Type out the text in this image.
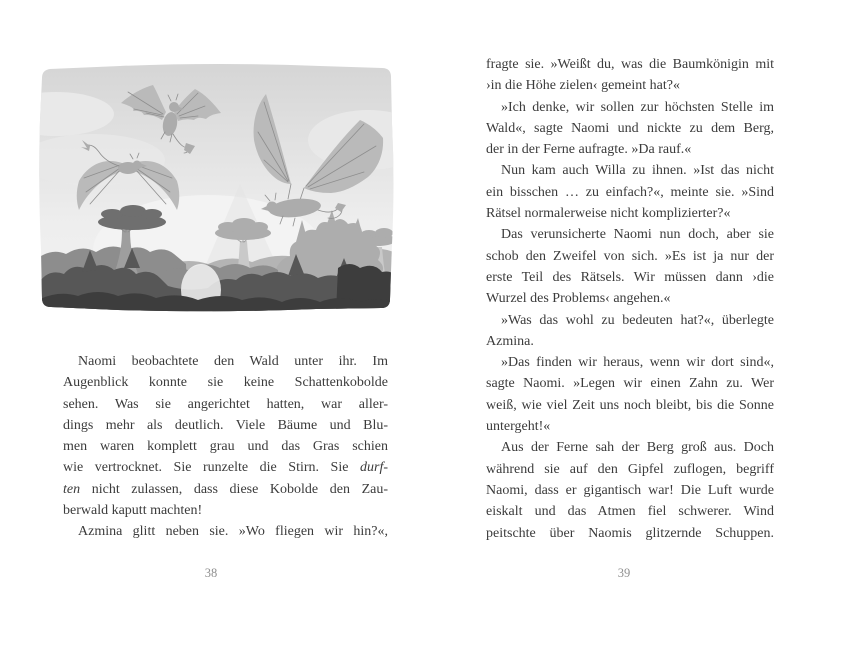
Naomi beobachtete den Wald unter ihr. Im
Augenblick konnte sie keine Schattenkobolde
sehen. Was sie angerichtet hatten, war aller-
dings mehr als deutlich. Viele Bäume und Blu-
men waren komplett grau und das Gras schien
wie vertrocknet. Sie runzelte die Stirn. Sie durf-
ten nicht zulassen, dass diese Kobolde den Zau-
berwald kaputt machten!
Azmina glitt neben sie. »Wo fliegen wir hin?«,
38
fragte sie. »Weißt du, was die Baumkönigin mit
›in die Höhe zielen‹ gemeint hat?«
»Ich denke, wir sollen zur höchsten Stelle im
Wald«, sagte Naomi und nickte zu dem Berg,
der in der Ferne aufragte. »Da rauf.«
Nun kam auch Willa zu ihnen. »Ist das nicht
ein bisschen … zu einfach?«, meinte sie. »Sind
Rätsel normalerweise nicht komplizierter?«
Das verunsicherte Naomi nun doch, aber sie
schob den Zweifel von sich. »Es ist ja nur der
erste Teil des Rätsels. Wir müssen dann ›die
Wurzel des Problems‹ angehen.«
»Was das wohl zu bedeuten hat?«, überlegte
Azmina.
»Das finden wir heraus, wenn wir dort sind«,
sagte Naomi. »Legen wir einen Zahn zu. Wer
weiß, wie viel Zeit uns noch bleibt, bis die Sonne
untergeht!«
Aus der Ferne sah der Berg groß aus. Doch
während sie auf den Gipfel zuflogen, begriff
Naomi, dass er gigantisch war! Die Luft wurde
eiskalt und das Atmen fiel schwerer. Wind
peitschte über Naomis glitzernde Schuppen.
39
